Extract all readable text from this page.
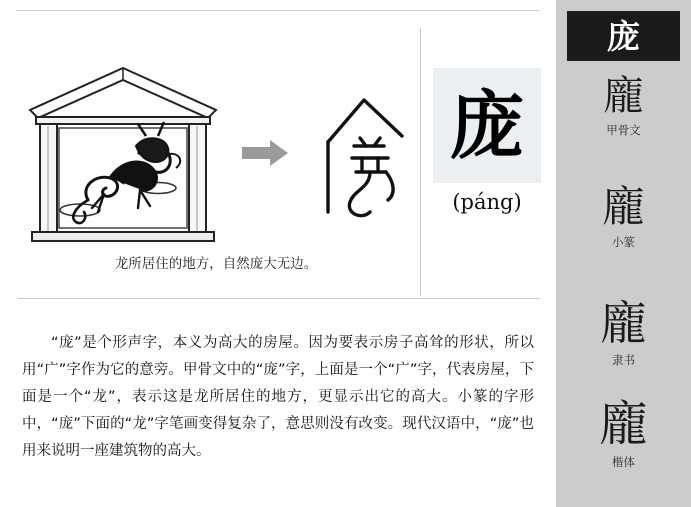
龙所居住的地方，自然庞大无边。
庞
(páng)
“庞”是个形声字，本义为高大的房屋。因为要表示房子高耸的形状，所以用“广”字作为它的意旁。甲骨文中的“庞”字，上面是一个“广”字，代表房屋，下面是一个“龙”，表示这是龙所居住的地方，更显示出它的高大。小篆的字形中，“庞”下面的“龙”字笔画变得复杂了，意思则没有改变。现代汉语中，“庞”也用来说明一座建筑物的高大。
庞
龐
甲骨文
龐
小篆
龐
隶书
龐
楷体
